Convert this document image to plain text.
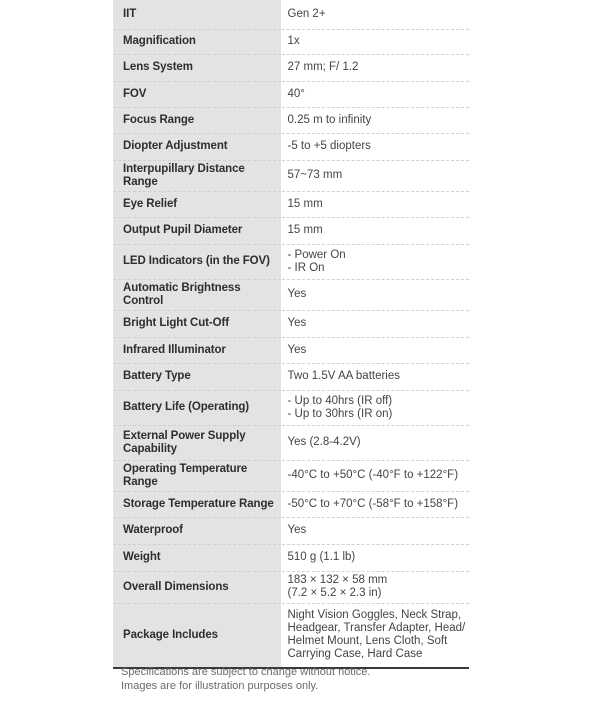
IIT	Gen 2+

Magnification	1x

Lens System	27 mm; F/ 1.2

FOV	40°

Focus Range	0.25 m to infinity

Diopter Adjustment	-5 to +5 diopters

Interpupillary Distance Range	57~73 mm

Eye Relief	15 mm

Output Pupil Diameter	15 mm

LED Indicators (in the FOV)	- Power On
- IR On

Automatic Brightness Control	Yes

Bright Light Cut-Off	Yes

Infrared Illuminator	Yes

Battery Type	Two 1.5V AA batteries

Battery Life (Operating)	- Up to 40hrs (IR off)
- Up to 30hrs (IR on)

External Power Supply Capability	Yes (2.8-4.2V)

Operating Temperature Range	-40°C to +50°C (-40°F to +122°F)

Storage Temperature Range	-50°C to +70°C (-58°F to +158°F)

Waterproof	Yes

Weight	510 g (1.1 lb)

Overall Dimensions	183 × 132 × 58 mm
(7.2 × 5.2 × 2.3 in)

Package Includes	Night Vision Goggles, Neck Strap,
Headgear, Transfer Adapter, Head/
Helmet Mount, Lens Cloth, Soft
Carrying Case, Hard Case
Specifications are subject to change without notice.
Images are for illustration purposes only.
